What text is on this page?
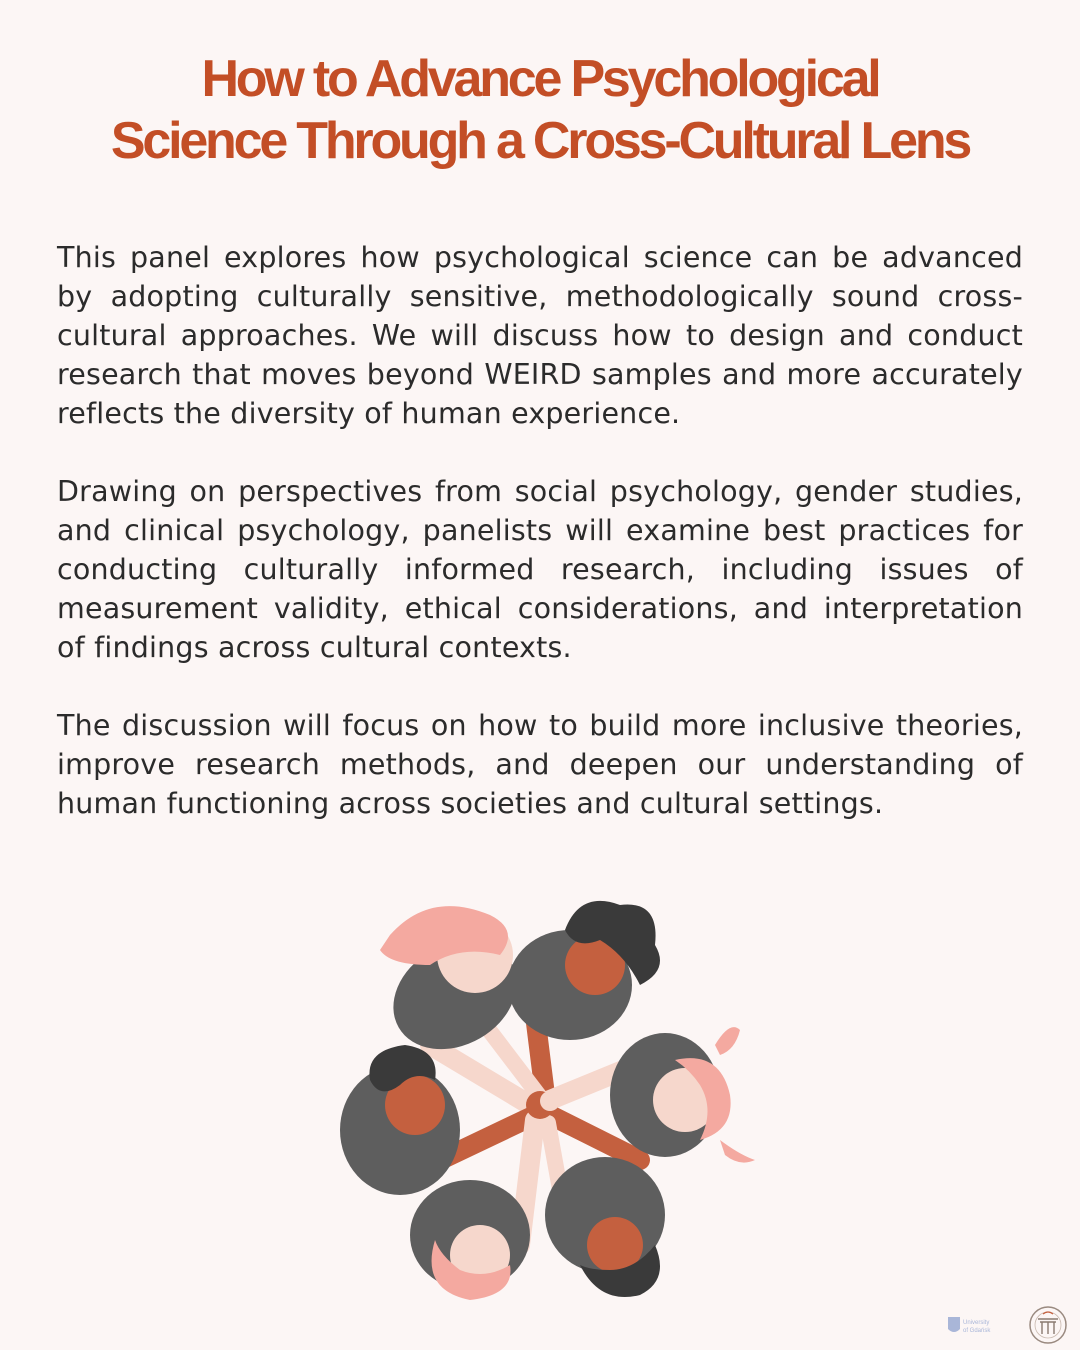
How to Advance Psychological
Science Through a Cross-Cultural Lens

This panel explores how psychological science can be advanced by adopting culturally sensitive, methodologically sound cross-cultural approaches. We will discuss how to design and conduct research that moves beyond WEIRD samples and more accurately reflects the diversity of human experience.

Drawing on perspectives from social psychology, gender studies, and clinical psychology, panelists will examine best practices for conducting culturally informed research, including issues of measurement validity, ethical considerations, and interpretation of findings across cultural contexts.

The discussion will focus on how to build more inclusive theories, improve research methods, and deepen our understanding of human functioning across societies and cultural settings.

University
of Gdańsk
